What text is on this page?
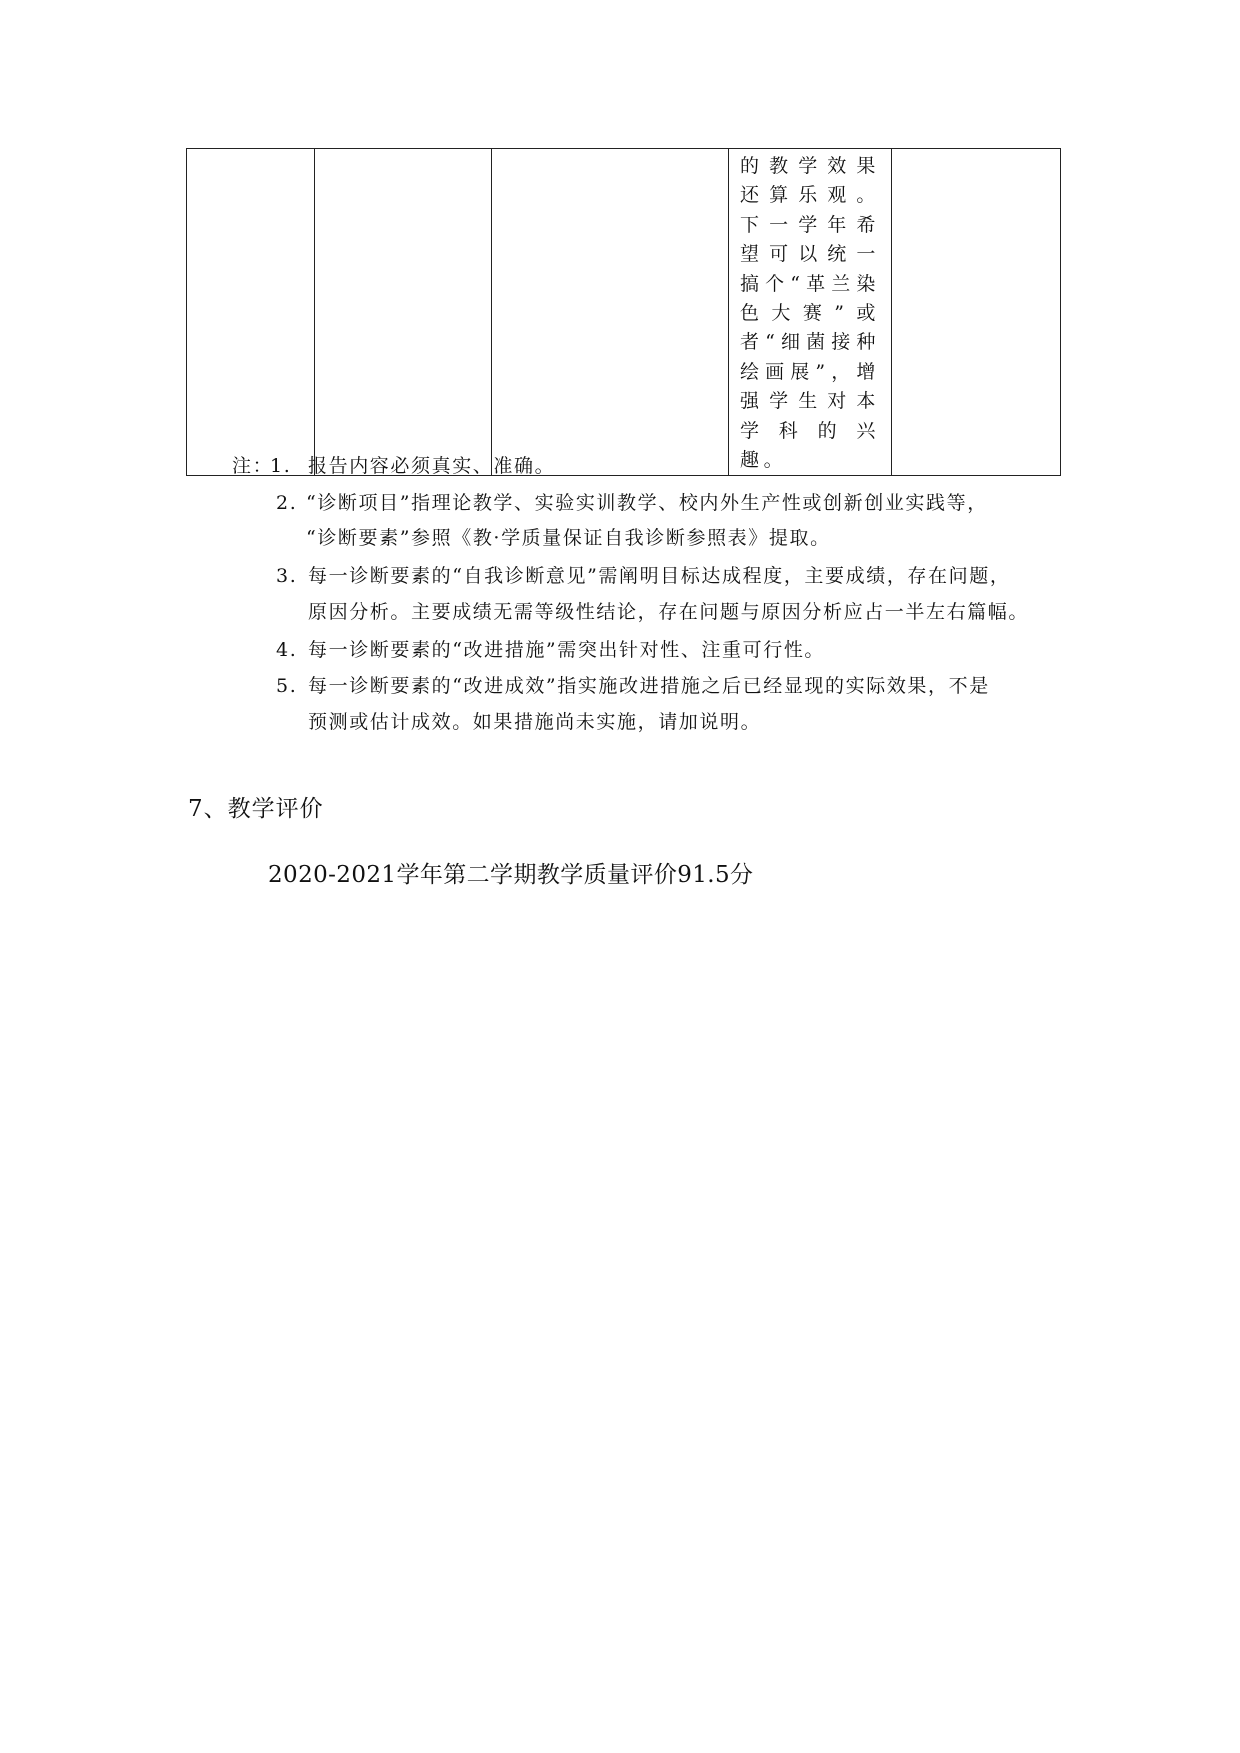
的教学效果还算乐观。下一学年希望可以统一搞个“革兰染色大赛”或者“细菌接种绘画展”，增强学生对本学科的兴趣。

注：
1. 报告内容必须真实、准确。
2. “诊断项目”指理论教学、实验实训教学、校内外生产性或创新创业实践等，
“诊断要素”参照《教·学质量保证自我诊断参照表》提取。
3. 每一诊断要素的“自我诊断意见”需阐明目标达成程度，主要成绩，存在问题，
原因分析。主要成绩无需等级性结论，存在问题与原因分析应占一半左右篇幅。
4. 每一诊断要素的“改进措施”需突出针对性、注重可行性。
5. 每一诊断要素的“改进成效”指实施改进措施之后已经显现的实际效果，不是
预测或估计成效。如果措施尚未实施，请加说明。
7、教学评价
2020-2021学年第二学期教学质量评价91.5分
